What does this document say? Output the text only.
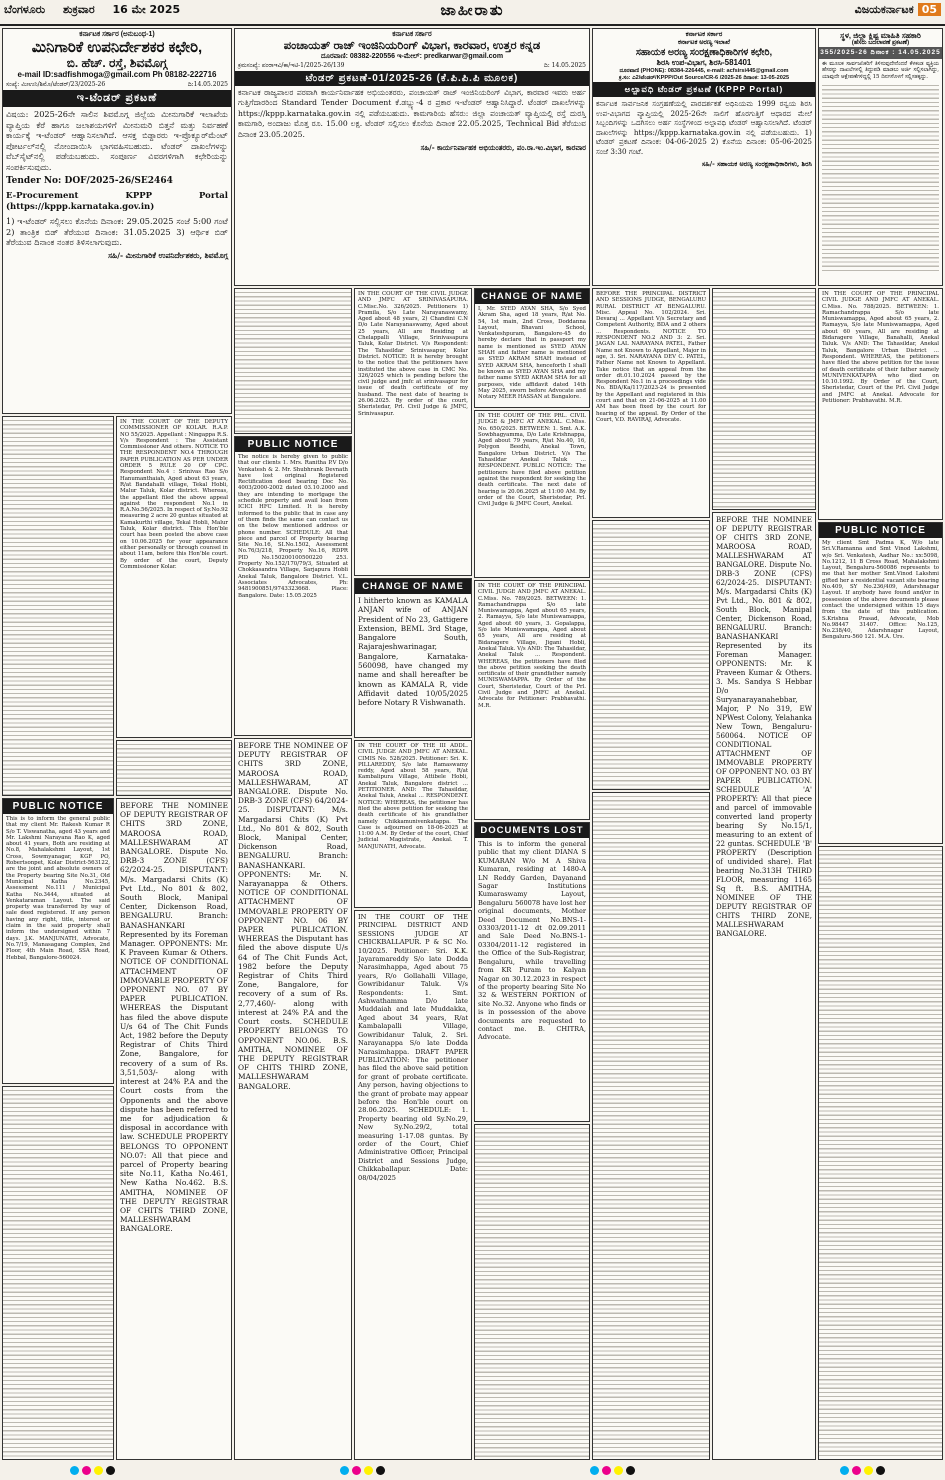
ಬೆಂಗಳೂರು ಶುಕ್ರವಾರ 16 ಮೇ 2025	ಜಾಹೀರಾತು	ವಿಜಯಕರ್ನಾಟಕ 05
ಕರ್ನಾಟಕ ಸರ್ಕಾರ (ಅನುಬಂಧ-1)
ಮಿನಿಗಾರಿಕೆ ಉಪನಿರ್ದೇಶಕರ ಕಛೇರಿ,
ಬಿ. ಹೆಚ್. ರಸ್ತೆ, ಶಿವಮೊಗ್ಗ
e-mail ID:sadfishmoga@gmail.com Ph 08182-222716
ಸಂಖ್ಯೆ: ಮೀಉನಿ/ಶಿಮೊ/ಟೆಂಡರ್/23/2025-26	ದಿ:14.05.2025
ಇ-ಟೆಂಡರ್ ಪ್ರಕಟಣೆ
ವಿಷಯ: 2025-26ನೇ ಸಾಲಿನ ಶಿವಮೊಗ್ಗ ಜಿಲ್ಲೆಯ ಮೀನುಗಾರಿಕೆ ಇಲಾಖೆಯ ವ್ಯಾಪ್ತಿಯ ಕೆರೆ ಹಾಗೂ ಜಲಾಶಯಗಳಿಗೆ ಮೀನುಮರಿ ಬಿತ್ತನೆ ಮತ್ತು ನಿರ್ವಹಣೆ ಕಾರ್ಯಕ್ಕೆ ಇ-ಟೆಂಡರ್ ಆಹ್ವಾನಿಸಲಾಗಿದೆ. ಆಸಕ್ತ ಬಿಡ್ದಾರರು ಇ-ಪ್ರೊಕ್ಯೂರ್‌ಮೆಂಟ್ ಪೋರ್ಟಲ್‌ನಲ್ಲಿ ನೋಂದಾಯಿಸಿ ಭಾಗವಹಿಸಬಹುದು. ಟೆಂಡರ್ ದಾಖಲೆಗಳನ್ನು ವೆಬ್‌ಸೈಟ್‌ನಲ್ಲಿ ಪಡೆಯಬಹುದು. ಸಂಪೂರ್ಣ ವಿವರಗಳಿಗಾಗಿ ಕಛೇರಿಯನ್ನು ಸಂಪರ್ಕಿಸುವುದು.
Tender No: DOF/2025-26/SE2464
E-Procurement KPPP Portal (https://kppp.karnataka.gov.in)
1) ಇ-ಟೆಂಡರ್ ಸಲ್ಲಿಸಲು ಕೊನೆಯ ದಿನಾಂಕ: 29.05.2025 ಸಂಜೆ 5:00 ಗಂಟೆ 2) ತಾಂತ್ರಿಕ ಬಿಡ್ ತೆರೆಯುವ ದಿನಾಂಕ: 31.05.2025 3) ಆರ್ಥಿಕ ಬಿಡ್ ತೆರೆಯುವ ದಿನಾಂಕ ನಂತರ ತಿಳಿಸಲಾಗುವುದು.
ಸಹಿ/- ಮೀನುಗಾರಿಕೆ ಉಪನಿರ್ದೇಶಕರು, ಶಿವಮೊಗ್ಗ
ಕರ್ನಾಟಕ ಸರ್ಕಾರ
ಪಂಚಾಯತ್ ರಾಜ್ ಇಂಜಿನಿಯರಿಂಗ್ ವಿಭಾಗ, ಕಾರವಾರ, ಉತ್ತರ ಕನ್ನಡ
ದೂರವಾಣಿ: 08382-220556 ಇ-ಮೇಲ್: predkarwar@gmail.com
ಕ್ರಮಸಂಖ್ಯೆ: ಪಂರಾಇವಿ/ಕಾ/ಇಟಿ-1/2025-26/139	ದಿ: 14.05.2025
ಟೆಂಡರ್ ಪ್ರಕಟಣೆ-01/2025-26 (ಕೆ.ಪಿ.ಪಿ.ಪಿ ಮೂಲಕ)
ಕರ್ನಾಟಕ ರಾಜ್ಯಪಾಲರ ಪರವಾಗಿ ಕಾರ್ಯನಿರ್ವಾಹಕ ಅಭಿಯಂತರರು, ಪಂಚಾಯತ್ ರಾಜ್ ಇಂಜಿನಿಯರಿಂಗ್ ವಿಭಾಗ, ಕಾರವಾರ ಇವರು ಅರ್ಹ ಗುತ್ತಿಗೆದಾರರಿಂದ Standard Tender Document ಕೆ.ಡಬ್ಲ್ಯು-4 ರ ಪ್ರಕಾರ ಇ-ಟೆಂಡರ್ ಆಹ್ವಾನಿಸಿದ್ದಾರೆ. ಟೆಂಡರ್ ದಾಖಲೆಗಳನ್ನು https://kppp.karnataka.gov.in ನಲ್ಲಿ ಪಡೆಯಬಹುದು. ಕಾಮಗಾರಿಯ ಹೆಸರು: ಜಿಲ್ಲಾ ಪಂಚಾಯತ್ ವ್ಯಾಪ್ತಿಯಲ್ಲಿ ರಸ್ತೆ ದುರಸ್ತಿ ಕಾಮಗಾರಿ, ಅಂದಾಜು ಮೊತ್ತ ರೂ. 15.00 ಲಕ್ಷ. ಟೆಂಡರ್ ಸಲ್ಲಿಸಲು ಕೊನೆಯ ದಿನಾಂಕ 22.05.2025, Technical Bid ತೆರೆಯುವ ದಿನಾಂಕ 23.05.2025.
ಸಹಿ/- ಕಾರ್ಯನಿರ್ವಾಹಕ ಅಭಿಯಂತರರು, ಪಂ.ರಾ.ಇಂ.ವಿಭಾಗ, ಕಾರವಾರ
ಕರ್ನಾಟಕ ಸರ್ಕಾರ
ಕರ್ನಾಟಕ ಅರಣ್ಯ ಇಲಾಖೆ
ಸಹಾಯಕ ಅರಣ್ಯ ಸಂರಕ್ಷಣಾಧಿಕಾರಿಗಳ ಕಛೇರಿ,
ಶಿರಸಿ ಉಪ-ವಿಭಾಗ, ಶಿರಸಿ-581401
ದೂರವಾಣಿ (PHONE): 08384-226445, e-mail: acfsirsi445@gmail.com
ಕ್ರ.ಸಂ: ಎ2/ಟೆಂಡರ್/KPPP/Out Source/CR-6 /2025-26 ದಿನಾಂಕ: 13-05-2025
ಅಲ್ಪಾವಧಿ ಟೆಂಡರ್ ಪ್ರಕಟಣೆ (KPPP Portal)
ಕರ್ನಾಟಕ ಸಾರ್ವಜನಿಕ ಸಂಗ್ರಹಣೆಯಲ್ಲಿ ಪಾರದರ್ಶಕತೆ ಅಧಿನಿಯಮ 1999 ರನ್ವಯ ಶಿರಸಿ ಉಪ-ವಿಭಾಗದ ವ್ಯಾಪ್ತಿಯಲ್ಲಿ 2025-26ನೇ ಸಾಲಿಗೆ ಹೊರಗುತ್ತಿಗೆ ಆಧಾರದ ಮೇಲೆ ಸಿಬ್ಬಂದಿಗಳನ್ನು ಒದಗಿಸಲು ಅರ್ಹ ಸಂಸ್ಥೆಗಳಿಂದ ಅಲ್ಪಾವಧಿ ಟೆಂಡರ್ ಆಹ್ವಾನಿಸಲಾಗಿದೆ. ಟೆಂಡರ್ ದಾಖಲೆಗಳನ್ನು https://kppp.karnataka.gov.in ನಲ್ಲಿ ಪಡೆಯಬಹುದು. 1) ಟೆಂಡರ್ ಪ್ರಕಟಣೆ ದಿನಾಂಕ: 04-06-2025 2) ಕೊನೆಯ ದಿನಾಂಕ: 05-06-2025 ಸಂಜೆ 3:30 ಗಂಟೆ.
ಸಹಿ/- ಸಹಾಯಕ ಅರಣ್ಯ ಸಂರಕ್ಷಣಾಧಿಕಾರಿಗಳು, ಶಿರಸಿ
ಸ್ಥಳ, ಜಿಲ್ಲಾ ಕ್ಲಿಷ್ಟ ಮಾಹಿತಿ ಸಹಕಾರಿ
(ಹೆಸರು ಬದಲಾವಣೆ ಪ್ರಕಟಣೆ)
355/2025-26 ದಿನಾಂಕ : 14.05.2025
ಈ ಮೂಲಕ ಸಾರ್ವಜನಿಕರಿಗೆ ತಿಳಿಸುವುದೇನೆಂದರೆ ಕೆಳಕಂಡ ವ್ಯಕ್ತಿಯ ಹೆಸರನ್ನು ದಾಖಲೆಗಳಲ್ಲಿ ತಿದ್ದುಪಡಿ ಮಾಡಲು ಅರ್ಜಿ ಸಲ್ಲಿಸಲಾಗಿದ್ದು, ಯಾವುದೇ ಆಕ್ಷೇಪಣೆಗಳಿದ್ದಲ್ಲಿ 15 ದಿನಗಳೊಳಗೆ ಸಲ್ಲಿಸತಕ್ಕದ್ದು.
IN THE COURT OF THE DEPUTY COMMISSIONER OF KOLAR. R.A.P. NO 55/2025. Appellant : Ningappa R.S. V/s Respondent : The Assistant Commissioner And others. NOTICE TO THE RESPONDENT NO.4 THROUGH PAPER PUBLICATION AS PER UNDER ORDER 5 RULE 20 OF CPC. Respondent No.4 : Srinivas Rao S/o Hanumanthaiah, Aged about 63 years, R/at Bandahalli village, Tekal Hobli, Malur Taluk, Kolar district. Whereas, the appellant filed the above appeal against the respondent No.1 in R.A.No.56/2025. In respect of Sy.No.92 measuring 2 acre 20 guntas situated at Kamakurthi village, Tekal Hobli, Malur Taluk, Kolar district. This Hon'ble court has been posted the above case on 10.06.2025 for your appearance either personally or through counsel in about 11am, before this Hon'ble court. By order of the court, Deputy Commissioner Kolar.
PUBLIC NOTICE
This is to inform the general public that my client Mr. Rakesh Kumar R S/o T. Viswanatha, aged 43 years and Mr. Lakshmi Narayana Rao K, aged about 41 years, Both are residing at No.8, Mahalakshmi Layout, 1st Cross, Sowmyanagar, KGF PO, Robertsonpet, Kolar District-563122, are the joint and absolute owners of the Property bearing Site No.31, Old Municipal Katha No.2345, Assessment No.111 / Municipal Katha No.3444, situated at Venkataraman Layout. The said property was transferred by way of sale deed registered. If any person having any right, title, interest or claim in the said property shall inform the undersigned within 7 days. J.K. MANJUNATH, Advocate, No.7/19, Manasagang Complex, 2nd Floor, 4th Main Road, SSA Road, Hebbal, Bangalore-560024.
BEFORE THE NOMINEE OF DEPUTY REGISTRAR OF CHITS 3RD ZONE, MAROOSA ROAD, MALLESHWARAM AT BANGALORE. Dispute No. DRB-3 ZONE (CFS) 62/2024-25. DISPUTANT: M/s. Margadarsi Chits (K) Pvt Ltd., No 801 & 802, South Block, Manipal Center, Dickenson Road, BENGALURU. Branch: BANASHANKARI Represented by its Foreman Manager. OPPONENTS: Mr. K Praveen Kumar & Others. NOTICE OF CONDITIONAL ATTACHMENT OF IMMOVABLE PROPERTY OF OPPONENT NO. 07 BY PAPER PUBLICATION. WHEREAS the Disputant has filed the above dispute U/s 64 of The Chit Funds Act, 1982 before the Deputy Registrar of Chits Third Zone, Bangalore, for recovery of a sum of Rs. 3,51,503/- along with interest at 24% P.A and the Court costs from the Opponents and the above dispute has been referred to me for adjudication & disposal in accordance with law. SCHEDULE PROPERTY BELONGS TO OPPONENT NO.07: All that piece and parcel of Property bearing site No.11, Katha No.461, New Katha No.462. B.S. AMITHA, NOMINEE OF THE DEPUTY REGISTRAR OF CHITS THIRD ZONE, MALLESHWARAM BANGALORE.
PUBLIC NOTICE
The notice is hereby given to public that our clients 1. Mrs. Ranitha P.V D/o Venkatesh & 2. Mr. Shubhrank Devnath have lost original Registered Rectification deed bearing Doc No. 4003/2000-2002 dated 03.10.2000 and they are intending to mortgage the schedule property and avail loan from ICICI HFC Limited. It is hereby informed to the public that in case any of them finds the same can contact us on the below mentioned address or phone number. SCHEDULE: All that piece and parcel of Property bearing Site No.16, SI.No.1502, Assessment No.76/3/218, Property No.16, RDPR PID No.150200100500220 253. Property No.152/170/79/3, Situated at Chokkasandra Village, Sarjapura Hobli Anekal Taluk, Bangalore District. V.L. Associates Advocates, Ph: 9481900851/9743323668. Place: Bangalore. Date: 15.05.2025
BEFORE THE NOMINEE OF DEPUTY REGISTRAR OF CHITS 3RD ZONE, MAROOSA ROAD, MALLESHWARAM, AT BANGALORE. Dispute No. DRB-3 ZONE (CFS) 64/2024-25. DISPUTANT: M/s. Margadarsi Chits (K) Pvt Ltd., No 801 & 802, South Block, Manipal Center, Dickenson Road, BENGALURU. Branch: BANASHANKARI. OPPONENTS: Mr. N. Narayanappa & Others. NOTICE OF CONDITIONAL ATTACHMENT OF IMMOVABLE PROPERTY OF OPPONENT NO. 06 BY PAPER PUBLICATION. WHEREAS the Disputant has filed the above dispute U/s 64 of The Chit Funds Act, 1982 before the Deputy Registrar of Chits Third Zone, Bangalore, for recovery of a sum of Rs. 2,77,460/- along with interest at 24% P.A and the Court costs. SCHEDULE PROPERTY BELONGS TO OPPONENT NO.06. B.S. AMITHA, NOMINEE OF THE DEPUTY REGISTRAR OF CHITS THIRD ZONE, MALLESHWARAM BANGALORE.
IN THE COURT OF THE CIVIL JUDGE AND JMFC AT SRINIVASAPURA. C.Misc.No. 326/2025. Petitioners 1) Pramila, S/o Late Narayanaswamy, Aged about 48 years, 2) Chandini C.N D/o Late Narayanaswamy, Aged about 25 years, All are Residing at Chelappalli Village, Srinivasapura Taluk, Kolar District. V/s Respondent: The Tahasildar Srinivasapur, Kolar District. NOTICE: It is hereby brought to the notice that the petitioners have instituted the above case in CMC No. 326/2025 which is pending before the civil judge and jmfc at srinivasapur for issue of death certificate of my husband. The next date of hearing is 26.06.2025. By order of the court, Sheristedar, Prl. Civil Judge & JMFC, Srinivasapur.
CHANGE OF NAME
I hitherto known as KAMALA ANJAN wife of ANJAN President of No 23, Gattigere Extension, BEML 3rd Stage, Bangalore South, Rajarajeshwarinagar, Bangalore, Karnataka-560098, have changed my name and shall hereafter be known as KAMALA R, vide Affidavit dated 10/05/2025 before Notary R Vishwanath.
IN THE COURT OF THE III ADDL. CIVIL JUDGE AND JMFC AT ANEKAL. CIMIS No. 528/2025. Petitioner: Sri. K. PILLAREDDY, S/o late Ramaswamy reddy, Aged about 58 years, R/at Kambalipura Village, Attibele Hobli, Anekal Taluk, Bangalore district ... PETITIONER. AND: The Tahasildar, Anekal Taluk, Anekal ... RESPONDENT. NOTICE: WHEREAS, the petitioner has filed the above petition for seeking the death certificate of his grandfather namely Chikkamunivenkatappa. The Case is adjourned on 18-06-2025 at 11:00 A.M. By Order of the court, Chief Judicial Magistrate, Anekal. T. MANJUNATH, Advocate.
IN THE COURT OF THE PRINCIPAL DISTRICT AND SESSIONS JUDGE AT CHICKBALLAPUR. P & SC No. 10/2025. Petitioner: Sri. K.K. Jayaramareddy S/o late Dodda Narasimhappa, Aged about 75 years, R/o Gollahalli Village, Gowribidanur Taluk. V/s Respondents: 1. Smt. Ashwathamma D/o late Muddaiah and late Muddakka, Aged about 34 years, R/at Kambalapalli Village, Gowribidanur Taluk, 2. Sri. Narayanappa S/o late Dodda Narasimhappa. DRAFT PAPER PUBLICATION: The petitioner has filed the above said petition for grant of probate certificate. Any person, having objections to the grant of probate may appear before the Hon'ble court on 28.06.2025. SCHEDULE: 1. Property bearing old Sy.No.29, New Sy.No.29/2, total measuring 1-17.08 guntas. By order of the Court, Chief Administrative Officer, Principal District and Sessions Judge, Chikkaballapur. Date: 08/04/2025
CHANGE OF NAME
I, Mr. SYED AYAN SHA, S/o Syed Akram Sha, aged 18 years, R/at No. 54, 1st main, 2nd Cross, Doddanna Layout, Bhavani School, Venkateshpuram, Bangalore-45 do hereby declare that in passport my name is mentioned as SYED AYAN SHAH and father name is mentioned as SYED AKRAM SHAH instead of SYED AKRAM SHA, henceforth I shall be known as SYED AYAN SHA and my father name SYED AKRAM SHA for all purposes, vide affidavit dated 14th May 2025, sworn before Advocate and Notary MEER HASSAN at Bangalore.
IN THE COURT OF THE PRL. CIVIL JUDGE & JMFC AT ANEKAL. C.Miss. No. 650/2025. BETWEEN: 1. Smt. A.K. Sowbhagyamma, D/o Late Krishnappa, Aged about 79 years, R/at No.40, 16, Polygon Beedhi, Anekal Town, Bangalore Urban District. V/s The Tahasildar Anekal Taluk ... RESPONDENT. PUBLIC NOTICE: The petitioners have filed above petition against the respondent for seeking the death certificate. The next date of hearing is 20.06.2025 at 11:00 AM. By order of the Court, Sheristedar, Prl. Civil Judge & JMFC Court, Anekal.
IN THE COURT OF THE PRINCIPAL CIVIL JUDGE AND JMFC AT ANEKAL. C.Miss. No. 789/2025. BETWEEN: 1. Ramachandrappa S/o late Muniswamappa, Aged about 65 years, 2. Ramayya, S/o late Muniswamappa, Aged about 60 years, 3. Gopalappa, S/o late Muniswamappa, Aged about 65 years, All are residing at Bidaragere Village, Jigani Hobli, Anekal Taluk. V/s AND: The Tahasildar, Anekal Taluk ... Respondent. WHEREAS, the petitioners have filed the above petition seeking the death certificate of their grandfather namely MUNISWAMAPPA. By Order of the Court, Sheristedar, Court of the Prl. Civil Judge and JMFC at Anekal. Advocate for Petitioner: Prabhavathi. M.R.
DOCUMENTS LOST
This is to inform the general public that my client DIANA S KUMARAN W/o M A Shiva Kumaran, residing at 1480-A LN Reddy Garden, Dayanand Sagar Institutions Kumaraswamy Layout, Bengaluru 560078 have lost her original documents, Mother Deed Document No.BNS-1-03303/2011-12 dt 02.09.2011 and Sale Deed No.BNS-1-03304/2011-12 registered in the Office of the Sub-Registrar, Bengaluru, while travelling from KR Puram to Kalyan Nagar on 30.12.2023 in respect of the property bearing Site No 32 & WESTERN PORTION of site No.32. Anyone who finds or is in possession of the above documents are requested to contact me. B. CHITRA, Advocate.
BEFORE THE PRINCIPAL DISTRICT AND SESSIONS JUDGE, BENGALURU RURAL DISTRICT AT BENGALURU. Misc. Appeal No. 102/2024. Sri. Devaraj ... Appellant V/s Secretary and Competent Authority, BDA and 2 others ... Respondents. NOTICE TO RESPONDENT NO.2 AND 3: 2. Sri. JAGAN LAL NARAYANA PATEL, Father Name not Known to Appellant, Major in age, 3. Sri. NARAYANA DEV C. PATEL, Father Name not Known to Appellant. Take notice that an appeal from the order dt.01.10.2024 passed by the Respondent No.1 in a proceedings vide No. BDA/Ka/117/2023-24 is presented by the Appellant and registered in this court and that on 21-06-2025 at 11.00 AM has been fixed by the court for hearing of the appeal. By Order of the Court, V.D. RAVIRAJ, Advocate.
BEFORE THE NOMINEE OF DEPUTY REGISTRAR OF CHITS 3RD ZONE, MAROOSA ROAD, MALLESHWARAM AT BANGALORE. Dispute No. DRB-3 ZONE (CFS) 62/2024-25. DISPUTANT: M/s. Margadarsi Chits (K) Pvt Ltd., No. 801 & 802, South Block, Manipal Center, Dickenson Road, BENGALURU. Branch: BANASHANKARI Represented by its Foreman Manager. OPPONENTS: Mr. K Praveen Kumar & Others. 3. Ms. Sandya S Hebbar D/o Suryanarayanahebbar, Major, P No 319, EW NPWest Colony, Yelahanka New Town, Bengaluru-560064. NOTICE OF CONDITIONAL ATTACHMENT OF IMMOVABLE PROPERTY OF OPPONENT NO. 03 BY PAPER PUBLICATION. SCHEDULE 'A' PROPERTY: All that piece and parcel of immovable converted land property bearing Sy No.15/1, measuring to an extent of 22 guntas. SCHEDULE 'B' PROPERTY (Description of undivided share). Flat bearing No.313H THIRD FLOOR, measuring 1165 Sq ft. B.S. AMITHA, NOMINEE OF THE DEPUTY REGISTRAR OF CHITS THIRD ZONE, MALLESHWARAM BANGALORE.
IN THE COURT OF THE PRINCIPAL CIVIL JUDGE AND JMFC AT ANEKAL. C.Miss. No. 788/2025. BETWEEN: 1. Ramachandrappa S/o late Muniswamappa, Aged about 65 years, 2. Ramayya, S/o late Muniswamappa, Aged about 60 years, All are residing at Bidaragere Village, Banahalli, Anekal Taluk. V/s AND: The Tahasildar, Anekal Taluk, Bangalore Urban District ... Respondent. WHEREAS, the petitioners have filed the above petition for the issue of death certificate of their father namely MUNIVENKATAPPA who died on 10.10.1992. By Order of the Court, Sheristedar, Court of the Prl. Civil Judge and JMFC at Anekal. Advocate for Petitioner: Prabhavathi. M.R.
PUBLIC NOTICE
My client Smt Padma K, W/o late Sri.V.Ramanna and Smt Vinod Lakshmi, w/o Sri. Venkatesh, Aadhar No.: xx:5098, No.1212, 11 B Cross Road, Mahalakshmi Layout, Bengaluru-560086 represents to me that her mother Smt.Vinod Lakshmi gifted her a residential vacant site bearing No.409, SY No.236/409, Adarshnagar Layout. If anybody have found and/or in possession of the above documents please contact the undersigned within 15 days from the date of this publication. S.Krishna Prasad, Advocate, Mob No.98447 31407. Office: No.125, No.238/40, Adarshnagar Layout, Bengaluru-560 121. M.A. Urs.
